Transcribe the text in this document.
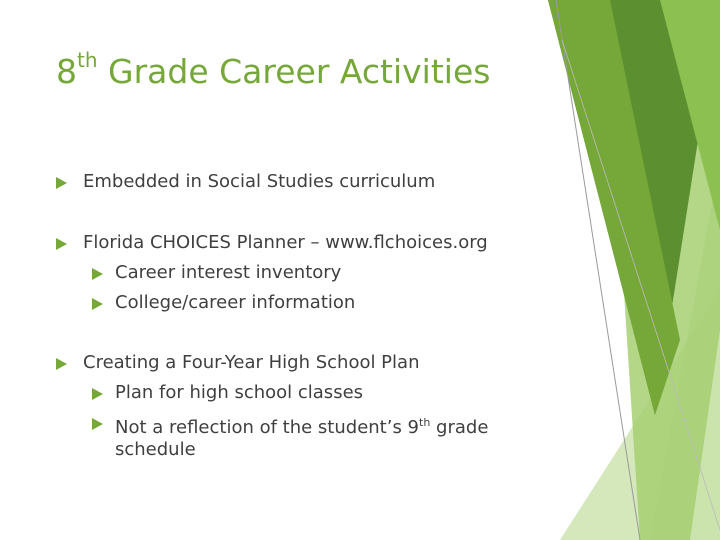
8th Grade Career Activities
Embedded in Social Studies curriculum
Florida CHOICES Planner – www.flchoices.org
Career interest inventory
College/career information
Creating a Four-Year High School Plan
Plan for high school classes
Not a reflection of the student’s 9th grade schedule
